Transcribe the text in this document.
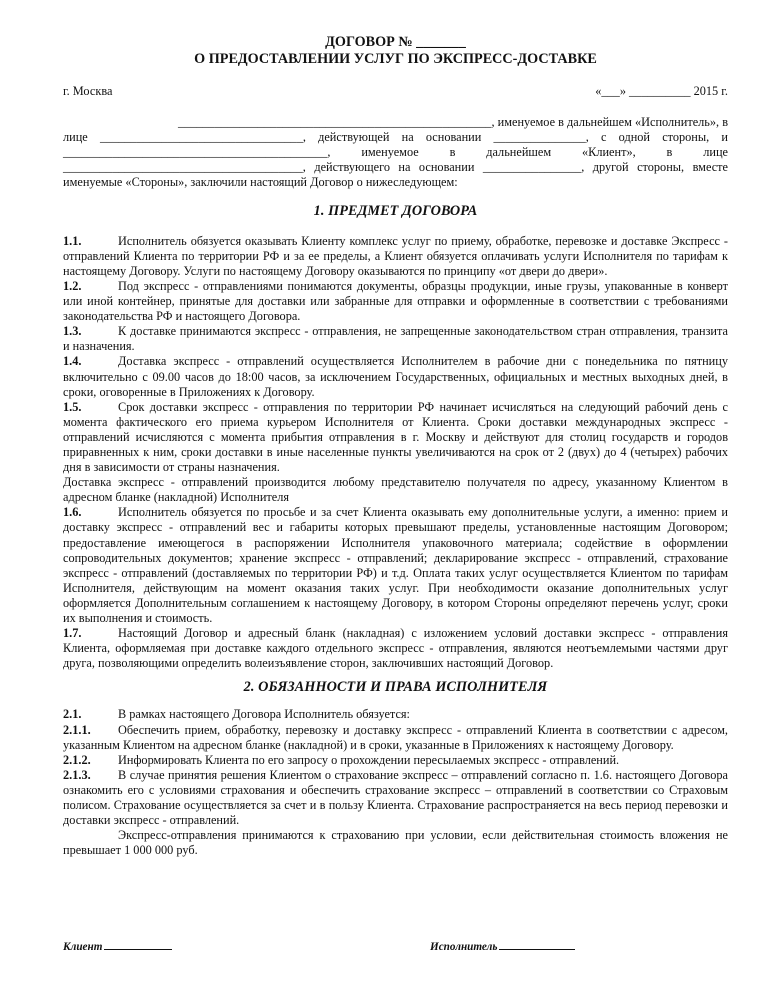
ДОГОВОР № _______
О ПРЕДОСТАВЛЕНИИ УСЛУГ ПО ЭКСПРЕСС-ДОСТАВКЕ
г. Москва	«___» __________ 2015 г.
___________________________________________________, именуемое в дальнейшем «Исполнитель», в
лице _________________________________, действующей на основании _______________, с одной стороны, и ___________________________________________, именуемое в дальнейшем «Клиент», в лице _______________________________________, действующего на основании ________________, другой стороны, вместе именуемые «Стороны», заключили настоящий Договор о нижеследующем:
1. ПРЕДМЕТ ДОГОВОРА
1.1.	Исполнитель обязуется оказывать Клиенту комплекс услуг по приему, обработке, перевозке и доставке Экспресс - отправлений Клиента по территории РФ и за ее пределы, а Клиент обязуется оплачивать услуги Исполнителя по тарифам к настоящему Договору. Услуги по настоящему Договору оказываются по принципу «от двери до двери».
1.2.	Под экспресс - отправлениями понимаются документы, образцы продукции, иные грузы, упакованные в конверт или иной контейнер, принятые для доставки или забранные для отправки и оформленные в соответствии с требованиями законодательства РФ и настоящего Договора.
1.3.	К доставке принимаются экспресс - отправления, не запрещенные законодательством стран отправления, транзита и назначения.
1.4.	Доставка экспресс - отправлений осуществляется Исполнителем в рабочие дни с понедельника по пятницу включительно с 09.00 часов до 18:00 часов, за исключением Государственных, официальных и местных выходных дней, в сроки, оговоренные в Приложениях к Договору.
1.5.	Срок доставки экспресс - отправления по территории РФ начинает исчисляться на следующий рабочий день с момента фактического его приема курьером Исполнителя от Клиента. Сроки доставки международных экспресс - отправлений исчисляются с момента прибытия отправления в г. Москву и действуют для столиц государств и городов приравненных к ним, сроки доставки в иные населенные пункты увеличиваются на срок от 2 (двух) до 4 (четырех) рабочих дня в зависимости от страны назначения.
Доставка экспресс - отправлений производится любому представителю получателя по адресу, указанному Клиентом в адресном бланке (накладной) Исполнителя
1.6.	Исполнитель обязуется по просьбе и за счет Клиента оказывать ему дополнительные услуги, а именно: прием и доставку экспресс - отправлений вес и габариты которых превышают пределы, установленные настоящим Договором; предоставление имеющегося в распоряжении Исполнителя упаковочного материала; содействие в оформлении сопроводительных документов; хранение экспресс - отправлений; декларирование экспресс - отправлений, страхование экспресс - отправлений (доставляемых по территории РФ) и т.д. Оплата таких услуг осуществляется Клиентом по тарифам Исполнителя, действующим на момент оказания таких услуг. При необходимости оказание дополнительных услуг оформляется Дополнительным соглашением к настоящему Договору, в котором Стороны определяют перечень услуг, сроки их выполнения и стоимость.
1.7.	Настоящий Договор и адресный бланк (накладная) с изложением условий доставки экспресс - отправления Клиента, оформляемая при доставке каждого отдельного экспресс - отправления, являются неотъемлемыми частями друг друга, позволяющими определить волеизъявление сторон, заключивших настоящий Договор.
2. ОБЯЗАННОСТИ И ПРАВА ИСПОЛНИТЕЛЯ
2.1.	В рамках настоящего Договора Исполнитель обязуется:
2.1.1. Обеспечить прием, обработку, перевозку и доставку экспресс - отправлений Клиента в соответствии с адресом, указанным Клиентом на адресном бланке (накладной) и в сроки, указанные в Приложениях к настоящему Договору.
2.1.2. Информировать Клиента по его запросу о прохождении пересылаемых экспресс - отправлений.
2.1.3. В случае принятия решения Клиентом о страхование экспресс – отправлений согласно п. 1.6. настоящего Договора ознакомить его с условиями страхования и обеспечить страхование экспресс – отправлений в соответствии со Страховым полисом. Страхование осуществляется за счет и в пользу Клиента. Страхование распространяется на весь период перевозки и доставки экспресс - отправлений.
Экспресс-отправления принимаются к страхованию при условии, если действительная стоимость вложения не превышает 1 000 000 руб.
Клиент	Исполнитель
